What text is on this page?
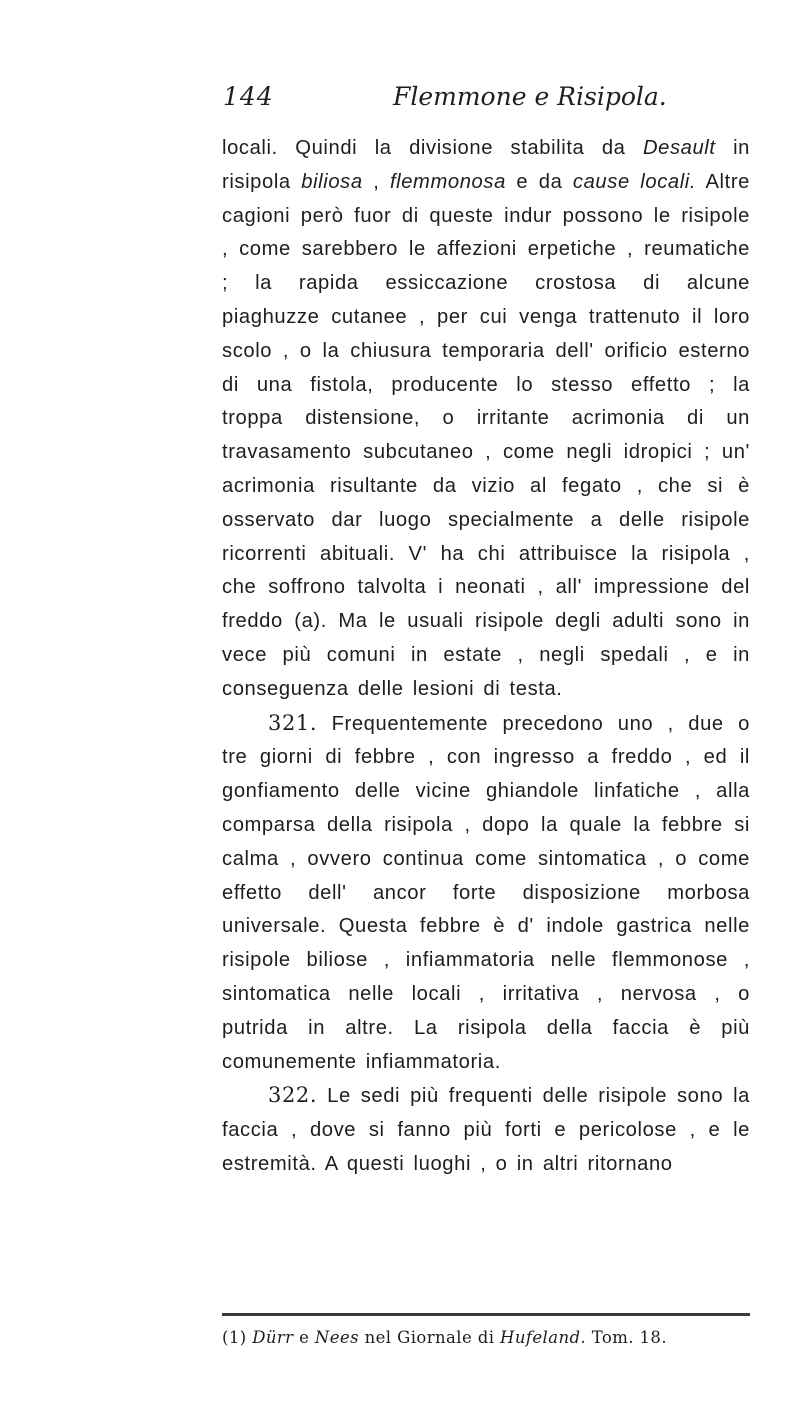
144	Flemmone e Risipola.

locali. Quindi la divisione stabilita da Desault in risipola biliosa , flemmonosa e da cause locali. Altre cagioni però fuor di queste indur possono le risipole , come sarebbero le affezioni erpetiche , reumatiche ; la rapida essiccazione crostosa di alcune piaghuzze cutanee , per cui venga trattenuto il loro scolo , o la chiusura temporaria dell' orificio esterno di una fistola, producente lo stesso effetto ; la troppa distensione, o irritante acrimonia di un travasamento subcutaneo , come negli idropici ; un' acrimonia risultante da vizio al fegato , che si è osservato dar luogo specialmente a delle risipole ricorrenti abituali. V' ha chi attribuisce la risipola , che soffrono talvolta i neonati , all' impressione del freddo (a). Ma le usuali risipole degli adulti sono in vece più comuni in estate , negli spedali , e in conseguenza delle lesioni di testa.

321. Frequentemente precedono uno , due o tre giorni di febbre , con ingresso a freddo , ed il gonfiamento delle vicine ghiandole linfatiche , alla comparsa della risipola , dopo la quale la febbre si calma , ovvero continua come sintomatica , o come effetto dell' ancor forte disposizione morbosa universale. Questa febbre è d' indole gastrica nelle risipole biliose , infiammatoria nelle flemmonose , sintomatica nelle locali , irritativa , nervosa , o putrida in altre. La risipola della faccia è più comunemente infiammatoria.

322. Le sedi più frequenti delle risipole sono la faccia , dove si fanno più forti e pericolose , e le estremità. A questi luoghi , o in altri ritornano

(1) Dürr e Nees nel Giornale di Hufeland. Tom. 18.
